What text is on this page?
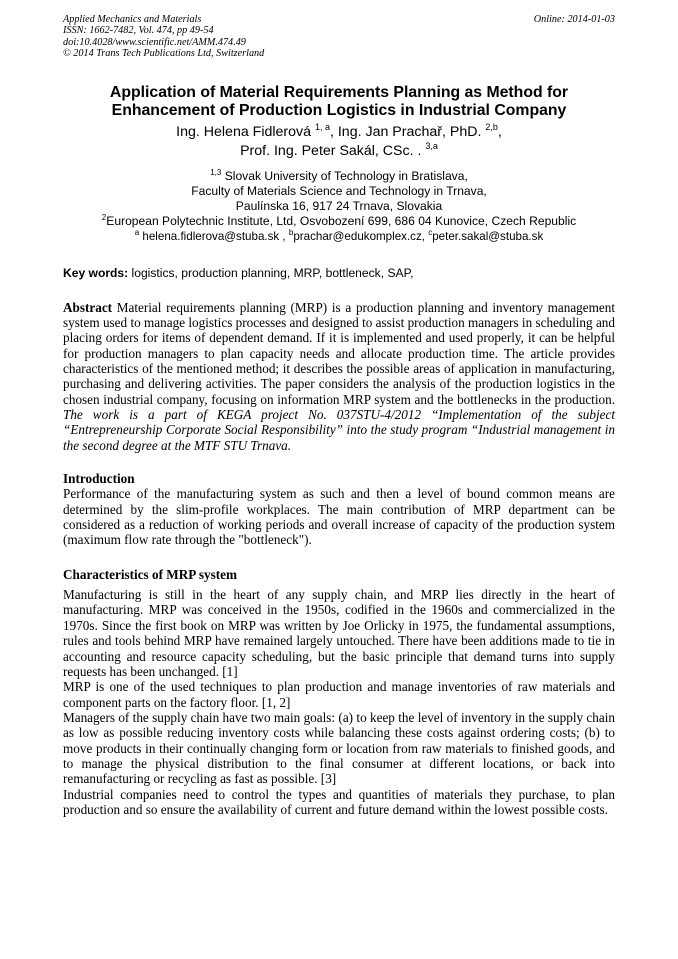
Applied Mechanics and Materials
ISSN: 1662-7482, Vol. 474, pp 49-54
doi:10.4028/www.scientific.net/AMM.474.49
© 2014 Trans Tech Publications Ltd, Switzerland
Online: 2014-01-03
Application of Material Requirements Planning as Method for
Enhancement of Production Logistics in Industrial Company
Ing. Helena Fidlerová $^{1, a}$, Ing. Jan Prachař, PhD. $^{2,b}$,
Prof. Ing. Peter Sakál, CSc. . $^{3,a}$
$^{1,3}$ Slovak University of Technology in Bratislava,
Faculty of Materials Science and Technology in Trnava,
Paulínska 16, 917 24 Trnava, Slovakia
$^2$European Polytechnic Institute, Ltd, Osvobození 699, 686 04 Kunovice, Czech Republic
$^a$ helena.fidlerova@stuba.sk , $^b$prachar@edukomplex.cz, $^c$peter.sakal@stuba.sk
Key words: logistics, production planning, MRP, bottleneck, SAP,
Abstract Material requirements planning (MRP) is a production planning and inventory management system used to manage logistics processes and designed to assist production managers in scheduling and placing orders for items of dependent demand. If it is implemented and used properly, it can be helpful for production managers to plan capacity needs and allocate production time. The article provides characteristics of the mentioned method; it describes the possible areas of application in manufacturing, purchasing and delivering activities. The paper considers the analysis of the production logistics in the chosen industrial company, focusing on information MRP system and the bottlenecks in the production. The work is a part of KEGA project No. 037STU-4/2012 “Implementation of the subject “Entrepreneurship Corporate Social Responsibility” into the study program “Industrial management in the second degree at the MTF STU Trnava.
Introduction

Performance of the manufacturing system as such and then a level of bound common means are determined by the slim-profile workplaces. The main contribution of MRP department can be considered as a reduction of working periods and overall increase of capacity of the production system (maximum flow rate through the "bottleneck").

Characteristics of MRP system

Manufacturing is still in the heart of any supply chain, and MRP lies directly in the heart of manufacturing. MRP was conceived in the 1950s, codified in the 1960s and commercialized in the 1970s. Since the first book on MRP was written by Joe Orlicky in 1975, the fundamental assumptions, rules and tools behind MRP have remained largely untouched. There have been additions made to tie in accounting and resource capacity scheduling, but the basic principle that demand turns into supply requests has been unchanged. [1]

MRP is one of the used techniques to plan production and manage inventories of raw materials and component parts on the factory floor. [1, 2]

Managers of the supply chain have two main goals: (a) to keep the level of inventory in the supply chain as low as possible reducing inventory costs while balancing these costs against ordering costs; (b) to move products in their continually changing form or location from raw materials to finished goods, and to manage the physical distribution to the final consumer at different locations, or back into remanufacturing or recycling as fast as possible. [3]

Industrial companies need to control the types and quantities of materials they purchase, to plan production and so ensure the availability of current and future demand within the lowest possible costs.
